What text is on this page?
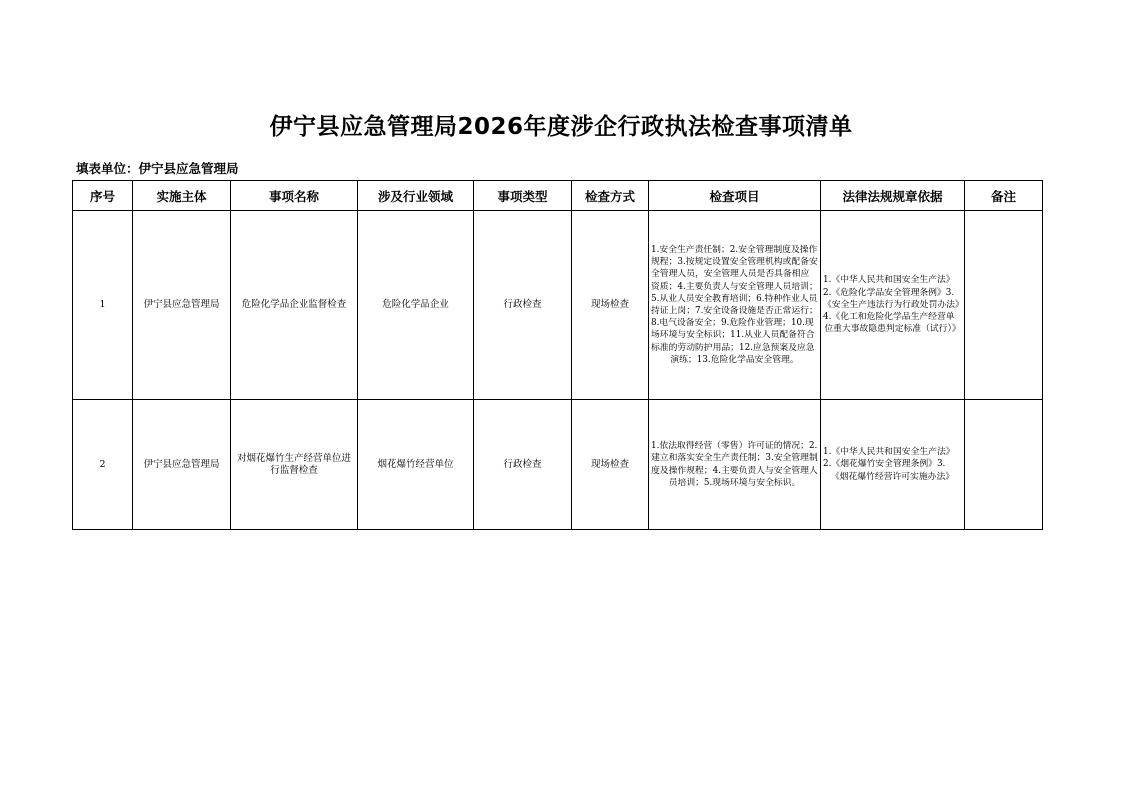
伊宁县应急管理局2026年度涉企行政执法检查事项清单
填表单位：伊宁县应急管理局
序号	实施主体	事项名称	涉及行业领域	事项类型	检查方式	检查项目	法律法规规章依据	备注
1	伊宁县应急管理局	危险化学品企业监督检查	危险化学品企业	行政检查	现场检查	1.安全生产责任制；2.安全管理制度及操作规程；3.按规定设置安全管理机构或配备安全管理人员，安全管理人员是否具备相应资质；4.主要负责人与安全管理人员培训；5.从业人员安全教育培训；6.特种作业人员持证上岗；7.安全设备设施是否正常运行；8.电气设备安全；9.危险作业管理；10.现场环境与安全标识；11.从业人员配备符合标准的劳动防护用品；12.应急预案及应急演练；13.危险化学品安全管理。	1.《中华人民共和国安全生产法》2.《危险化学品安全管理条例》3.《安全生产违法行为行政处罚办法》4.《化工和危险化学品生产经营单位重大事故隐患判定标准（试行）》	
2	伊宁县应急管理局	对烟花爆竹生产经营单位进行监督检查	烟花爆竹经营单位	行政检查	现场检查	1.依法取得经营（零售）许可证的情况；2.建立和落实安全生产责任制；3.安全管理制度及操作规程；4.主要负责人与安全管理人员培训；5.现场环境与安全标识。	1.《中华人民共和国安全生产法》2.《烟花爆竹安全管理条例》3.《烟花爆竹经营许可实施办法》	
